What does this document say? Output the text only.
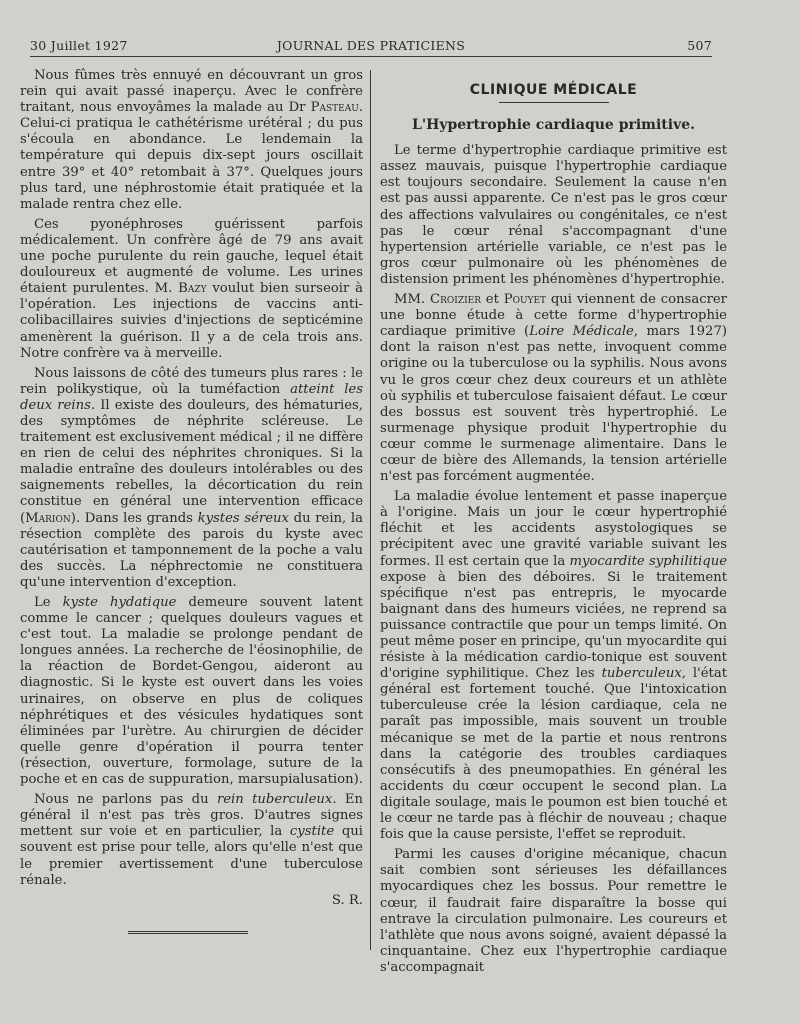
30 Juillet 1927	JOURNAL DES PRATICIENS	507

Nous fûmes très ennuyé en découvrant un gros rein qui avait passé inaperçu. Avec le confrère traitant, nous envoyâmes la malade au Dr Pasteau. Celui-ci pratiqua le cathétérisme urétéral ; du pus s'écoula en abondance. Le lendemain la température qui depuis dix-sept jours oscillait entre 39° et 40° retombait à 37°. Quelques jours plus tard, une néphrostomie était pratiquée et la malade rentra chez elle.

Ces pyonéphroses guérissent parfois médicalement. Un confrère âgé de 79 ans avait une poche purulente du rein gauche, lequel était douloureux et augmenté de volume. Les urines étaient purulentes. M. Bazy voulut bien surseoir à l'opération. Les injections de vaccins anti-colibacillaires suivies d'injections de septicémine amenèrent la guérison. Il y a de cela trois ans. Notre confrère va à merveille.

Nous laissons de côté des tumeurs plus rares : le rein polikystique, où la tuméfaction atteint les deux reins. Il existe des douleurs, des hématuries, des symptômes de néphrite scléreuse. Le traitement est exclusivement médical ; il ne diffère en rien de celui des néphrites chroniques. Si la maladie entraîne des douleurs intolérables ou des saignements rebelles, la décortication du rein constitue en général une intervention efficace (Marion). Dans les grands kystes séreux du rein, la résection complète des parois du kyste avec cautérisation et tamponnement de la poche a valu des succès. La néphrectomie ne constituera qu'une intervention d'exception.

Le kyste hydatique demeure souvent latent comme le cancer ; quelques douleurs vagues et c'est tout. La maladie se prolonge pendant de longues années. La recherche de l'éosinophilie, de la réaction de Bordet-Gengou, aideront au diagnostic. Si le kyste est ouvert dans les voies urinaires, on observe en plus de coliques néphrétiques et des vésicules hydatiques sont éliminées par l'urètre. Au chirurgien de décider quelle genre d'opération il pourra tenter (résection, ouverture, formolage, suture de la poche et en cas de suppuration, marsupialusation).

Nous ne parlons pas du rein tuberculeux. En général il n'est pas très gros. D'autres signes mettent sur voie et en particulier, la cystite qui souvent est prise pour telle, alors qu'elle n'est que le premier avertissement d'une tuberculose rénale.

S. R.

CLINIQUE MÉDICALE
L'Hypertrophie cardiaque primitive.

Le terme d'hypertrophie cardiaque primitive est assez mauvais, puisque l'hypertrophie cardiaque est toujours secondaire. Seulement la cause n'en est pas aussi apparente. Ce n'est pas le gros cœur des affections valvulaires ou congénitales, ce n'est pas le cœur rénal s'accompagnant d'une hypertension artérielle variable, ce n'est pas le gros cœur pulmonaire où les phénomènes de distension priment les phénomènes d'hypertrophie.

MM. Croizier et Pouyet qui viennent de consacrer une bonne étude à cette forme d'hypertrophie cardiaque primitive (Loire Médicale, mars 1927) dont la raison n'est pas nette, invoquent comme origine ou la tuberculose ou la syphilis. Nous avons vu le gros cœur chez deux coureurs et un athlète où syphilis et tuberculose faisaient défaut. Le cœur des bossus est souvent très hypertrophié. Le surmenage physique produit l'hypertrophie du cœur comme le surmenage alimentaire. Dans le cœur de bière des Allemands, la tension artérielle n'est pas forcément augmentée.

La maladie évolue lentement et passe inaperçue à l'origine. Mais un jour le cœur hypertrophié fléchit et les accidents asystologiques se précipitent avec une gravité variable suivant les formes. Il est certain que la myocardite syphilitique expose à bien des déboires. Si le traitement spécifique n'est pas entrepris, le myocarde baignant dans des humeurs viciées, ne reprend sa puissance contractile que pour un temps limité. On peut même poser en principe, qu'un myocardite qui résiste à la médication cardio-tonique est souvent d'origine syphilitique. Chez les tuberculeux, l'état général est fortement touché. Que l'intoxication tuberculeuse crée la lésion cardiaque, cela ne paraît pas impossible, mais souvent un trouble mécanique se met de la partie et nous rentrons dans la catégorie des troubles cardiaques consécutifs à des pneumopathies. En général les accidents du cœur occupent le second plan. La digitale soulage, mais le poumon est bien touché et le cœur ne tarde pas à fléchir de nouveau ; chaque fois que la cause persiste, l'effet se reproduit.

Parmi les causes d'origine mécanique, chacun sait combien sont sérieuses les défaillances myocardiques chez les bossus. Pour remettre le cœur, il faudrait faire disparaître la bosse qui entrave la circulation pulmonaire. Les coureurs et l'athlète que nous avons soigné, avaient dépassé la cinquantaine. Chez eux l'hypertrophie cardiaque s'accompagnait
